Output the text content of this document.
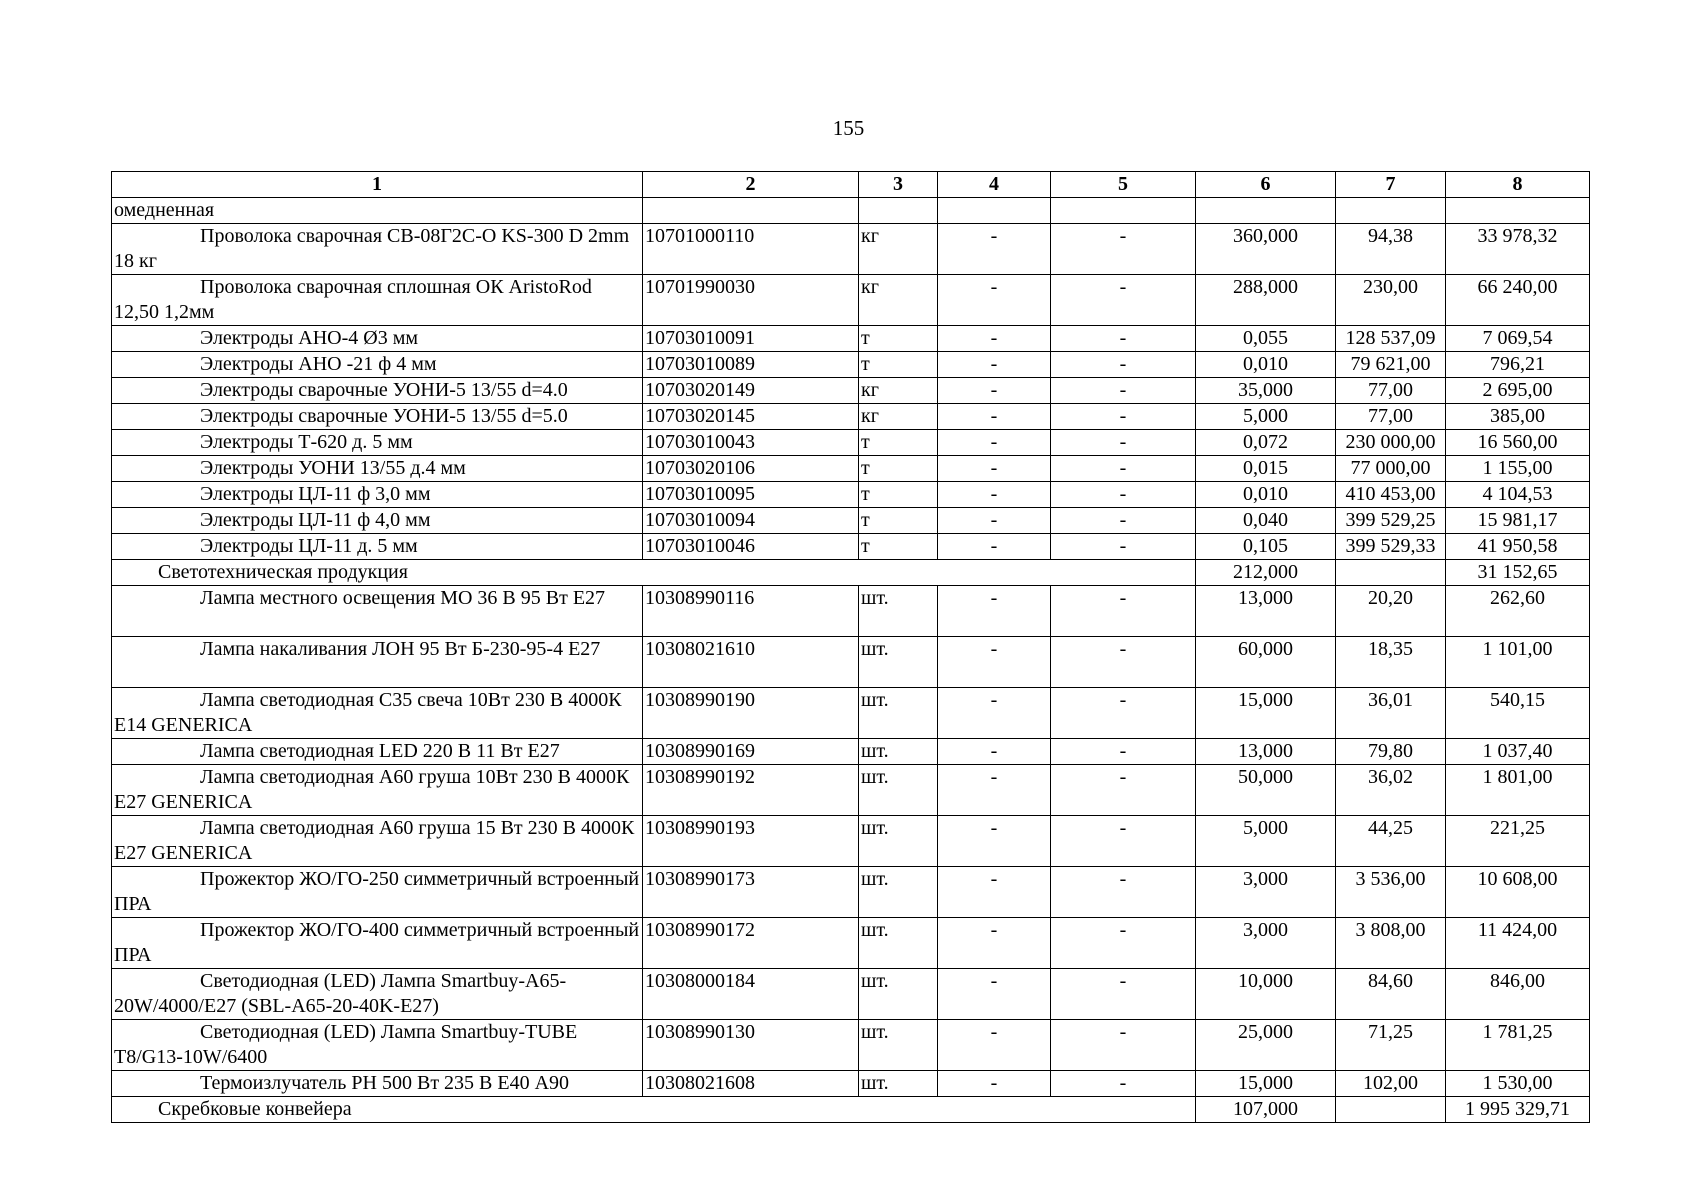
155
1	2	3	4	5	6	7	8
омедненная							
Проволока сварочная СВ-08Г2С-О KS-300 D 2mm 18 кг	10701000110	кг	-	-	360,000	94,38	33 978,32
Проволока сварочная сплошная ОК AristoRod 12,50 1,2мм	10701990030	кг	-	-	288,000	230,00	66 240,00
Электроды АНО-4 Ø3 мм	10703010091	т	-	-	0,055	128 537,09	7 069,54
Электроды АНО -21 ф 4 мм	10703010089	т	-	-	0,010	79 621,00	796,21
Электроды сварочные УОНИ-5 13/55 d=4.0	10703020149	кг	-	-	35,000	77,00	2 695,00
Электроды сварочные УОНИ-5 13/55 d=5.0	10703020145	кг	-	-	5,000	77,00	385,00
Электроды Т-620 д. 5 мм	10703010043	т	-	-	0,072	230 000,00	16 560,00
Электроды УОНИ 13/55 д.4 мм	10703020106	т	-	-	0,015	77 000,00	1 155,00
Электроды ЦЛ-11 ф 3,0 мм	10703010095	т	-	-	0,010	410 453,00	4 104,53
Электроды ЦЛ-11 ф 4,0 мм	10703010094	т	-	-	0,040	399 529,25	15 981,17
Электроды ЦЛ-11 д. 5 мм	10703010046	т	-	-	0,105	399 529,33	41 950,58
Светотехническая продукция					212,000		31 152,65
Лампа местного освещения МО 36 В 95 Вт Е27	10308990116	шт.	-	-	13,000	20,20	262,60
Лампа накаливания ЛОН 95 Вт Б-230-95-4 Е27	10308021610	шт.	-	-	60,000	18,35	1 101,00
Лампа светодиодная С35 свеча 10Вт 230 В 4000К Е14 GENERICA	10308990190	шт.	-	-	15,000	36,01	540,15
Лампа светодиодная LED 220 В 11 Вт Е27	10308990169	шт.	-	-	13,000	79,80	1 037,40
Лампа светодиодная А60 груша 10Вт 230 В 4000К Е27 GENERICA	10308990192	шт.	-	-	50,000	36,02	1 801,00
Лампа светодиодная А60 груша 15 Вт 230 В 4000К Е27 GENERICA	10308990193	шт.	-	-	5,000	44,25	221,25
Прожектор ЖО/ГО-250 симметричный встроенный ПРА	10308990173	шт.	-	-	3,000	3 536,00	10 608,00
Прожектор ЖО/ГО-400 симметричный встроенный ПРА	10308990172	шт.	-	-	3,000	3 808,00	11 424,00
Светодиодная (LED) Лампа Smartbuy-A65-20W/4000/E27 (SBL-A65-20-40K-E27)	10308000184	шт.	-	-	10,000	84,60	846,00
Светодиодная (LED) Лампа Smartbuy-TUBE T8/G13-10W/6400	10308990130	шт.	-	-	25,000	71,25	1 781,25
Термоизлучатель РН 500 Вт 235 В Е40 А90	10308021608	шт.	-	-	15,000	102,00	1 530,00
Скребковые конвейера					107,000		1 995 329,71
